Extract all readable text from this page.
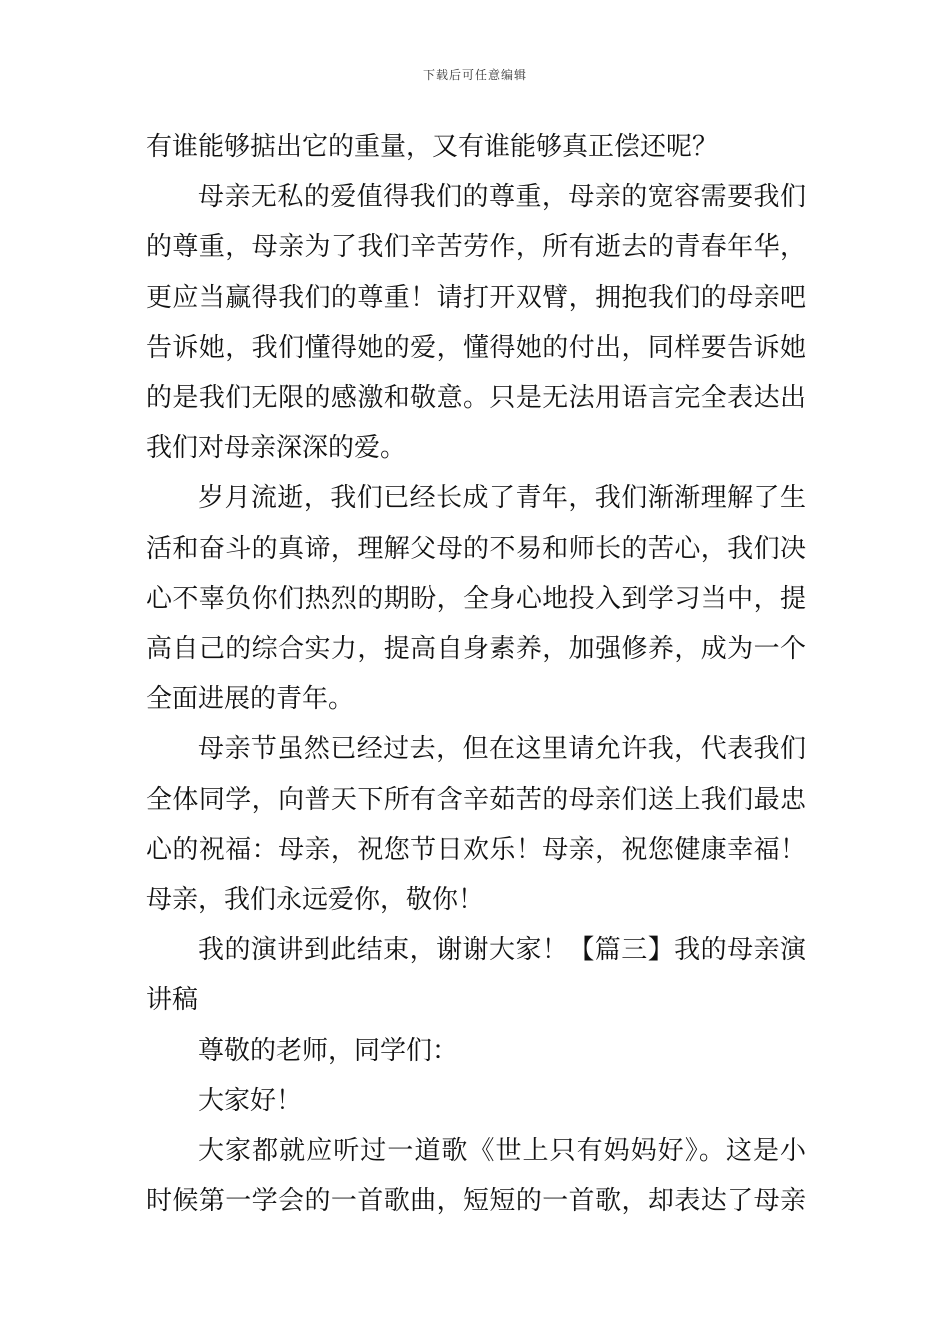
下载后可任意编辑
有谁能够掂出它的重量，又有谁能够真正偿还呢？
母亲无私的爱值得我们的尊重，母亲的宽容需要我们
的尊重，母亲为了我们辛苦劳作，所有逝去的青春年华，
更应当赢得我们的尊重！请打开双臂，拥抱我们的母亲吧
告诉她，我们懂得她的爱，懂得她的付出，同样要告诉她
的是我们无限的感激和敬意。只是无法用语言完全表达出
我们对母亲深深的爱。
岁月流逝，我们已经长成了青年，我们渐渐理解了生
活和奋斗的真谛，理解父母的不易和师长的苦心，我们决
心不辜负你们热烈的期盼，全身心地投入到学习当中，提
高自己的综合实力，提高自身素养，加强修养，成为一个
全面进展的青年。
母亲节虽然已经过去，但在这里请允许我，代表我们
全体同学，向普天下所有含辛茹苦的母亲们送上我们最忠
心的祝福：母亲，祝您节日欢乐！母亲，祝您健康幸福！
母亲，我们永远爱你，敬你！
我的演讲到此结束，谢谢大家！【篇三】我的母亲演
讲稿
尊敬的老师，同学们：
大家好！
大家都就应听过一道歌《世上只有妈妈好》。这是小
时候第一学会的一首歌曲，短短的一首歌，却表达了母亲
